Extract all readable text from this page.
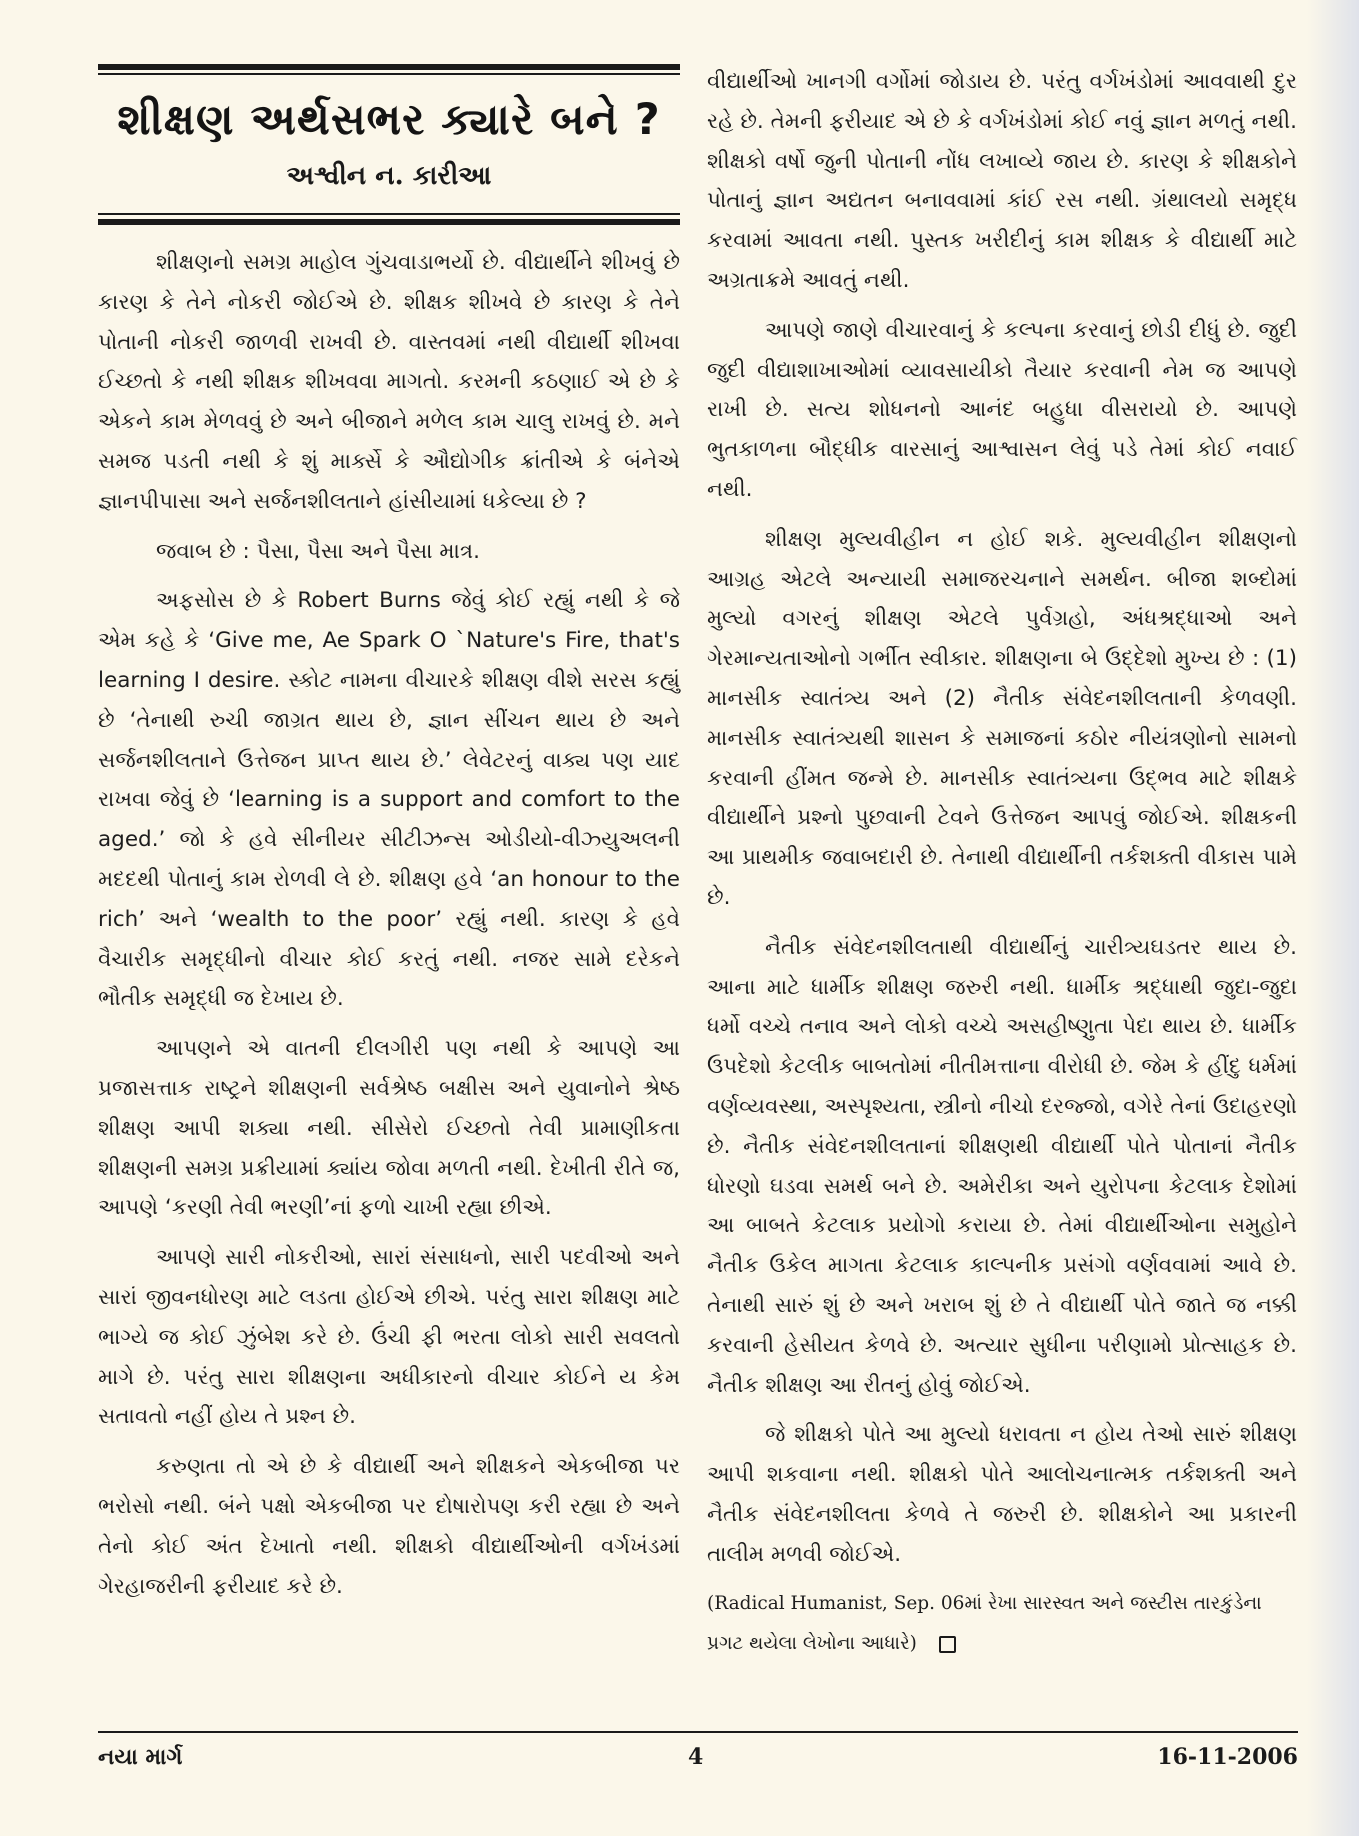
શીક્ષણ અર્થસભર ક્યારે બને ?
અશ્વીન ન. કારીઆ

શીક્ષણનો સમગ્ર માહોલ ગુંચવાડાભર્યો છે. વીદ્યાર્થીને શીખવું છે કારણ કે તેને નોકરી જોઈએ છે. શીક્ષક શીખવે છે કારણ કે તેને પોતાની નોકરી જાળવી રાખવી છે. વાસ્તવમાં નથી વીદ્યાર્થી શીખવા ઈચ્છતો કે નથી શીક્ષક શીખવવા માગતો. કરમની કઠણાઈ એ છે કે એકને કામ મેળવવું છે અને બીજાને મળેલ કામ ચાલુ રાખવું છે. મને સમજ પડતી નથી કે શું માર્ક્સે કે ઔદ્યોગીક ક્રાંતીએ કે બંનેએ જ્ઞાનપીપાસા અને સર્જનશીલતાને હાંસીયામાં ધકેલ્યા છે ?

જવાબ છે : પૈસા, પૈસા અને પૈસા માત્ર.

અફસોસ છે કે Robert Burns જેવું કોઈ રહ્યું નથી કે જે એમ કહે કે ‘Give me, Ae Spark O `Nature's Fire, that's learning I desire. સ્કોટ નામના વીચારકે શીક્ષણ વીશે સરસ કહ્યું છે ‘તેનાથી રુચી જાગ્રત થાય છે, જ્ઞાન સીંચન થાય છે અને સર્જનશીલતાને ઉત્તેજન પ્રાપ્ત થાય છે.’ લેવેટરનું વાક્ય પણ યાદ રાખવા જેવું છે ‘learning is a support and comfort to the aged.’ જો કે હવે સીનીયર સીટીઝન્સ ઓડીયો-વીઝ્યુઅલની મદદથી પોતાનું કામ રોળવી લે છે. શીક્ષણ હવે ‘an honour to the rich’ અને ‘wealth to the poor’ રહ્યું નથી. કારણ કે હવે વૈચારીક સમૃદ્ધીનો વીચાર કોઈ કરતું નથી. નજર સામે દરેકને ભૌતીક સમૃદ્ધી જ દેખાય છે.

આપણને એ વાતની દીલગીરી પણ નથી કે આપણે આ પ્રજાસત્તાક રાષ્ટ્રને શીક્ષણની સર્વશ્રેષ્ઠ બક્ષીસ અને યુવાનોને શ્રેષ્ઠ શીક્ષણ આપી શક્યા નથી. સીસેરો ઈચ્છતો તેવી પ્રામાણીકતા શીક્ષણની સમગ્ર પ્રક્રીયામાં ક્યાંય જોવા મળતી નથી. દેખીતી રીતે જ, આપણે ‘કરણી તેવી ભરણી’નાં ફળો ચાખી રહ્યા છીએ.

આપણે સારી નોકરીઓ, સારાં સંસાધનો, સારી પદવીઓ અને સારાં જીવનધોરણ માટે લડતા હોઈએ છીએ. પરંતુ સારા શીક્ષણ માટે ભાગ્યે જ કોઈ ઝુંબેશ કરે છે. ઉંચી ફી ભરતા લોકો સારી સવલતો માગે છે. પરંતુ સારા શીક્ષણના અધીકારનો વીચાર કોઈને ય કેમ સતાવતો નહીં હોય તે પ્રશ્ન છે.

કરુણતા તો એ છે કે વીદ્યાર્થી અને શીક્ષકને એકબીજા પર ભરોસો નથી. બંને પક્ષો એકબીજા પર દોષારોપણ કરી રહ્યા છે અને તેનો કોઈ અંત દેખાતો નથી. શીક્ષકો વીદ્યાર્થીઓની વર્ગખંડમાં ગેરહાજરીની ફરીયાદ કરે છે.

વીદ્યાર્થીઓ ખાનગી વર્ગોમાં જોડાય છે. પરંતુ વર્ગખંડોમાં આવવાથી દુર રહે છે. તેમની ફરીયાદ એ છે કે વર્ગખંડોમાં કોઈ નવું જ્ઞાન મળતું નથી. શીક્ષકો વર્ષો જુની પોતાની નોંધ લખાવ્યે જાય છે. કારણ કે શીક્ષકોને પોતાનું જ્ઞાન અદ્યતન બનાવવામાં કાંઈ રસ નથી. ગ્રંથાલયો સમૃદ્ધ કરવામાં આવતા નથી. પુસ્તક ખરીદીનું કામ શીક્ષક કે વીદ્યાર્થી માટે અગ્રતાક્રમે આવતું નથી.

આપણે જાણે વીચારવાનું કે કલ્પના કરવાનું છોડી દીધું છે. જુદી જુદી વીદ્યાશાખાઓમાં વ્યાવસાયીકો તૈયાર કરવાની નેમ જ આપણે રાખી છે. સત્ય શોધનનો આનંદ બહુધા વીસરાયો છે. આપણે ભુતકાળના બૌદ્ધીક વારસાનું આશ્વાસન લેવું પડે તેમાં કોઈ નવાઈ નથી.

શીક્ષણ મુલ્યવીહીન ન હોઈ શકે. મુલ્યવીહીન શીક્ષણનો આગ્રહ એટલે અન્યાયી સમાજરચનાને સમર્થન. બીજા શબ્દોમાં મુલ્યો વગરનું શીક્ષણ એટલે પુર્વગ્રહો, અંધશ્રદ્ધાઓ અને ગેરમાન્યતાઓનો ગર્ભીત સ્વીકાર. શીક્ષણના બે ઉદ્દેશો મુખ્ય છે : (1) માનસીક સ્વાતંત્ર્ય અને (2) નૈતીક સંવેદનશીલતાની કેળવણી. માનસીક સ્વાતંત્ર્યથી શાસન કે સમાજનાં કઠોર નીયંત્રણોનો સામનો કરવાની હીંમત જન્મે છે. માનસીક સ્વાતંત્ર્યના ઉદ્ભવ માટે શીક્ષકે વીદ્યાર્થીને પ્રશ્નો પુછવાની ટેવને ઉત્તેજન આપવું જોઈએ. શીક્ષકની આ પ્રાથમીક જવાબદારી છે. તેનાથી વીદ્યાર્થીની તર્કશક્તી વીકાસ પામે છે.

નૈતીક સંવેદનશીલતાથી વીદ્યાર્થીનું ચારીત્ર્યઘડતર થાય છે. આના માટે ધાર્મીક શીક્ષણ જરુરી નથી. ધાર્મીક શ્રદ્ધાથી જુદા-જુદા ધર્મો વચ્ચે તનાવ અને લોકો વચ્ચે અસહીષ્ણુતા પેદા થાય છે. ધાર્મીક ઉપદેશો કેટલીક બાબતોમાં નીતીમત્તાના વીરોધી છે. જેમ કે હીંદુ ધર્મમાં વર્ણવ્યવસ્થા, અસ્પૃશ્યતા, સ્ત્રીનો નીચો દરજ્જો, વગેરે તેનાં ઉદાહરણો છે. નૈતીક સંવેદનશીલતાનાં શીક્ષણથી વીદ્યાર્થી પોતે પોતાનાં નૈતીક ધોરણો ઘડવા સમર્થ બને છે. અમેરીકા અને યુરોપના કેટલાક દેશોમાં આ બાબતે કેટલાક પ્રયોગો કરાયા છે. તેમાં વીદ્યાર્થીઓના સમુહોને નૈતીક ઉકેલ માગતા કેટલાક કાલ્પનીક પ્રસંગો વર્ણવવામાં આવે છે. તેનાથી સારું શું છે અને ખરાબ શું છે તે વીદ્યાર્થી પોતે જાતે જ નક્કી કરવાની હેસીયત કેળવે છે. અત્યાર સુધીના પરીણામો પ્રોત્સાહક છે. નૈતીક શીક્ષણ આ રીતનું હોવું જોઈએ.

જે શીક્ષકો પોતે આ મુલ્યો ધરાવતા ન હોય તેઓ સારું શીક્ષણ આપી શકવાના નથી. શીક્ષકો પોતે આલોચનાત્મક તર્કશક્તી અને નૈતીક સંવેદનશીલતા કેળવે તે જરુરી છે. શીક્ષકોને આ પ્રકારની તાલીમ મળવી જોઈએ.

(Radical Humanist, Sep. 06માં રેખા સારસ્વત અને જસ્ટીસ તારકુંડેના પ્રગટ થયેલા લેખોના આધારે)

નયા માર્ગ	4	16-11-2006
